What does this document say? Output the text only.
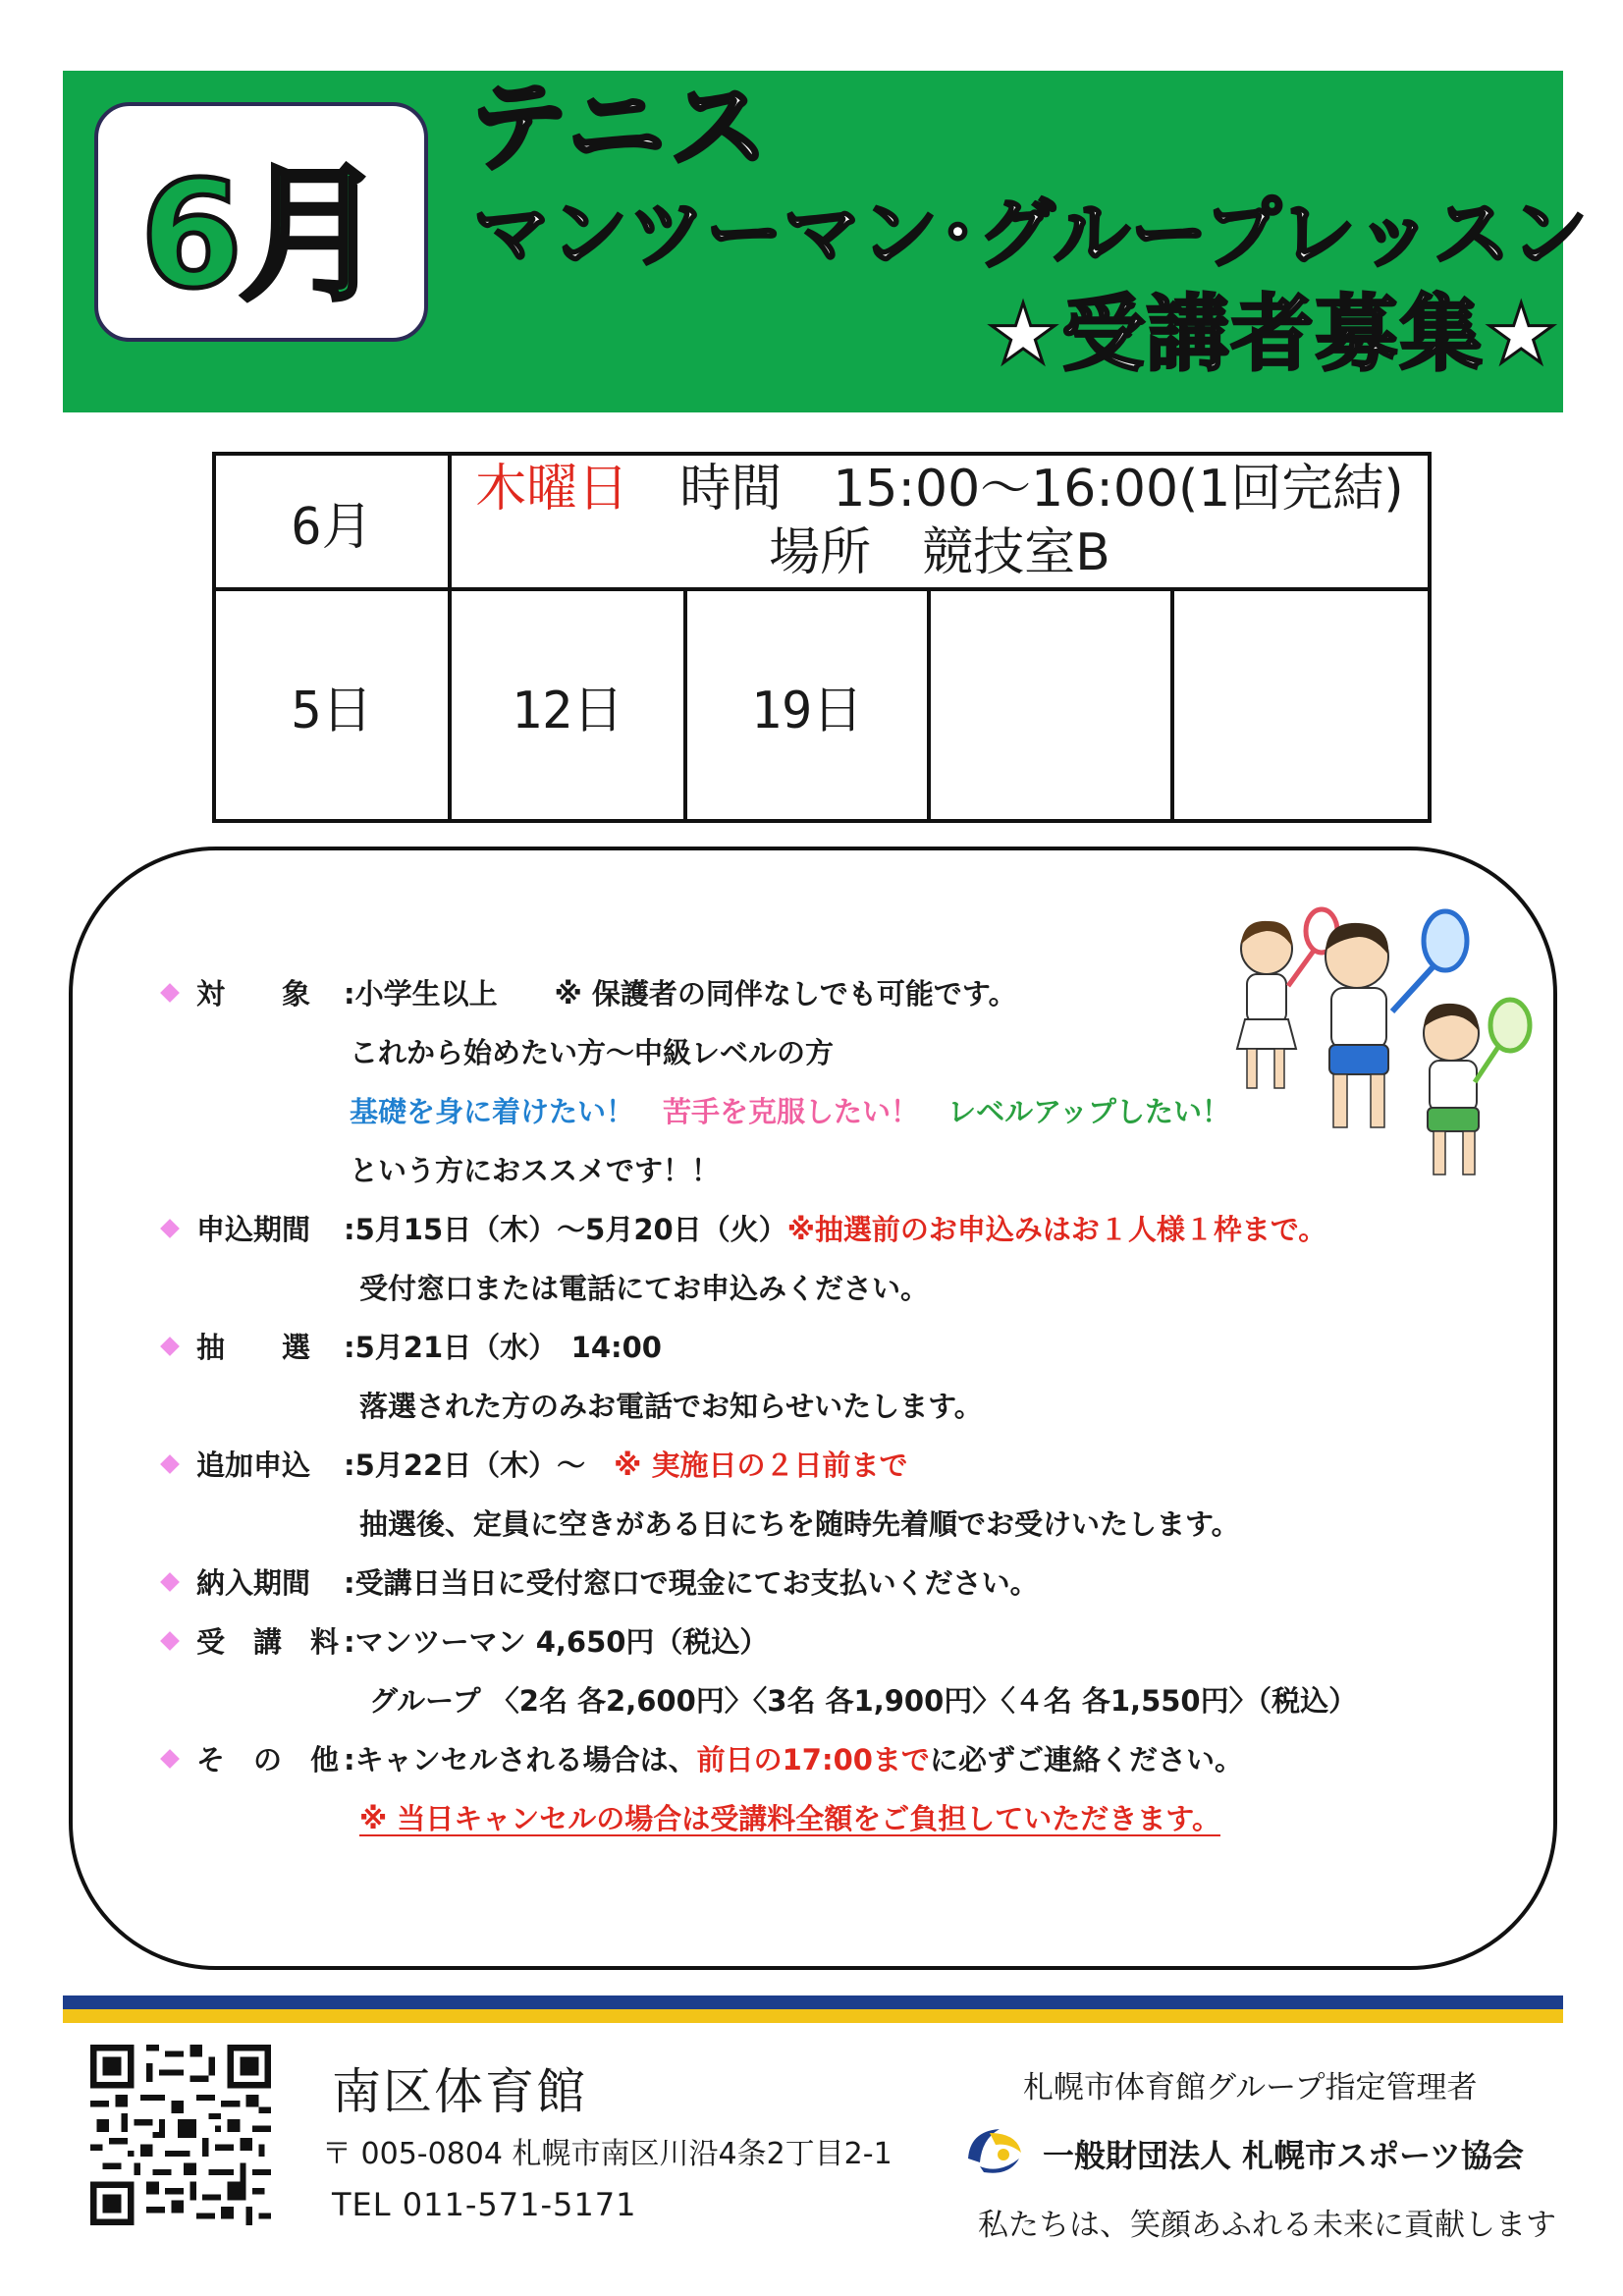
6月
テニス
マンツーマン･グループレッスン
★受講者募集★
6月
木曜日　時間　15:00～16:00(1回完結)
場所　競技室B
5日	12日	19日
対　　象 :小学生以上　　※ 保護者の同伴なしでも可能です。
これから始めたい方～中級レベルの方
基礎を身に着けたい！　 苦手を克服したい！　 レベルアップしたい！
という方におススメです！！
申込期間 :5月15日（木）～5月20日（火）※抽選前のお申込みはお１人様１枠まで。
受付窓口または電話にてお申込みください。
抽　　選 :5月21日（水）　14:00
落選された方のみお電話でお知らせいたします。
追加申込 :5月22日（木）～　※ 実施日の２日前まで
抽選後、定員に空きがある日にちを随時先着順でお受けいたします。
納入期間 :受講日当日に受付窓口で現金にてお支払いください。
受　講　料 :マンツーマン 4,650円（税込）
グループ 〈2名 各2,600円〉〈3名 各1,900円〉〈４名 各1,550円〉（税込）
そ　の　他 :キャンセルされる場合は、前日の17:00までに必ずご連絡ください。
※ 当日キャンセルの場合は受講料全額をご負担していただきます。
南区体育館
〒 005-0804 札幌市南区川沿4条2丁目2-1
TEL 011-571-5171
札幌市体育館グループ指定管理者
一般財団法人 札幌市スポーツ協会
私たちは、笑顔あふれる未来に貢献します
